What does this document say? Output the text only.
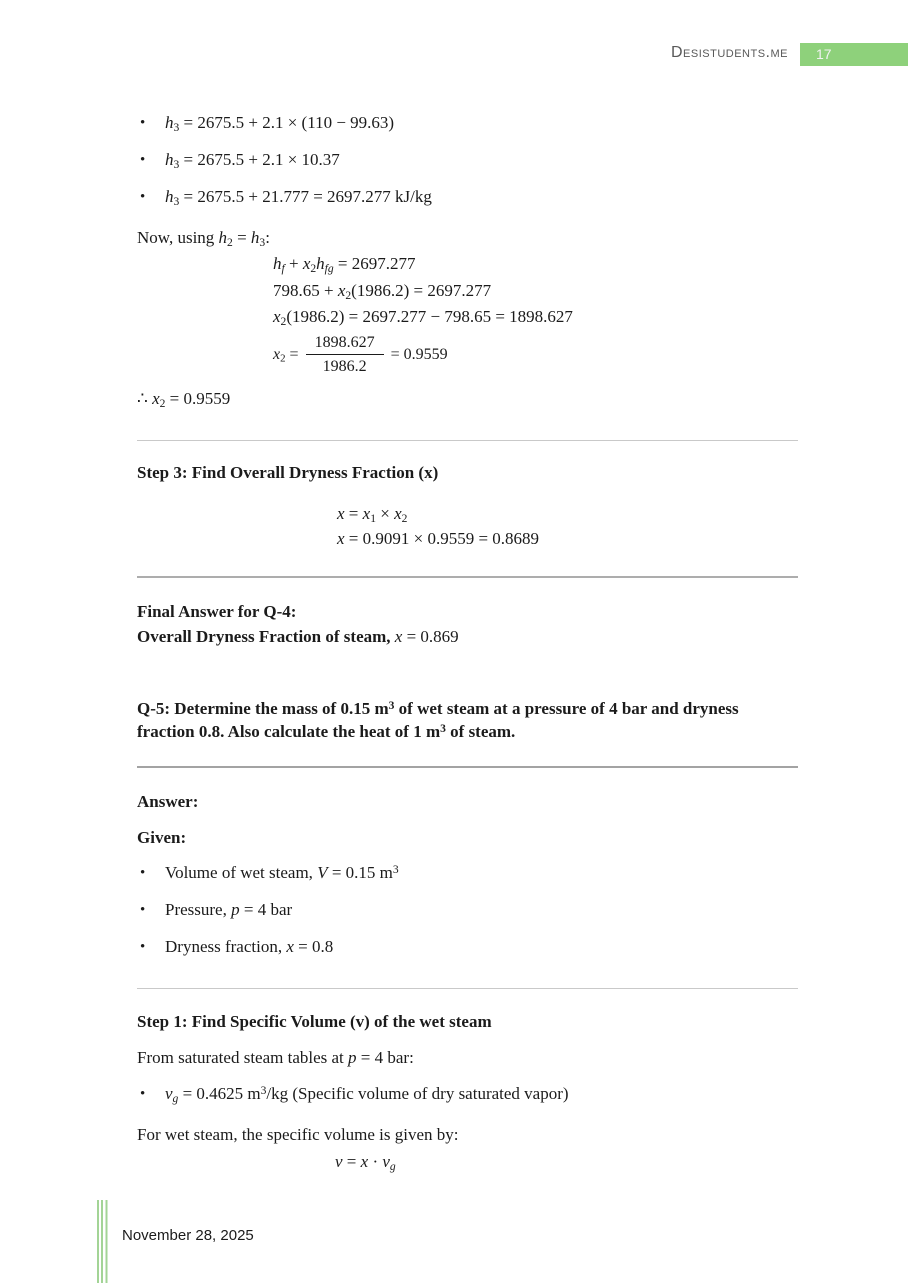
Desistudents.me	17
• $h_3 = 2675.5 + 2.1 \times (110 - 99.63)$
• $h_3 = 2675.5 + 2.1 \times 10.37$
• $h_3 = 2675.5 + 21.777 = 2697.277$ kJ/kg

Now, using $h_2 = h_3$:

$h_f + x_2h_{fg} = 2697.277$

$798.65 + x_2(1986.2) = 2697.277$

$x_2(1986.2) = 2697.277 - 798.65 = 1898.627$

$x_2 = \frac{1898.627}{1986.2} = 0.9559$

∴ $x_2 = 0.9559$

Step 3: Find Overall Dryness Fraction (x)

$x = x_1 \times x_2$

x = 0.9091 × 0.9559 = 0.8689

Final Answer for Q-4:

Overall Dryness Fraction of steam, x = 0.869

Q-5: Determine the mass of 0.15 $m^3$ of wet steam at a pressure of 4 bar and dryness fraction 0.8. Also calculate the heat of 1 $m^3$ of steam.

Answer:

Given:

• Volume of wet steam, V = 0.15 $m^3$
• Pressure, p = 4 bar
• Dryness fraction, x = 0.8
Step 1: Find Specific Volume (v) of the wet steam

From saturated steam tables at p = 4 bar:

• $v_g = 0.4625$ $m^3/kg$ (Specific volume of dry saturated vapor)

For wet steam, the specific volume is given by:

$v = x \cdot v_g$

November 28, 2025
